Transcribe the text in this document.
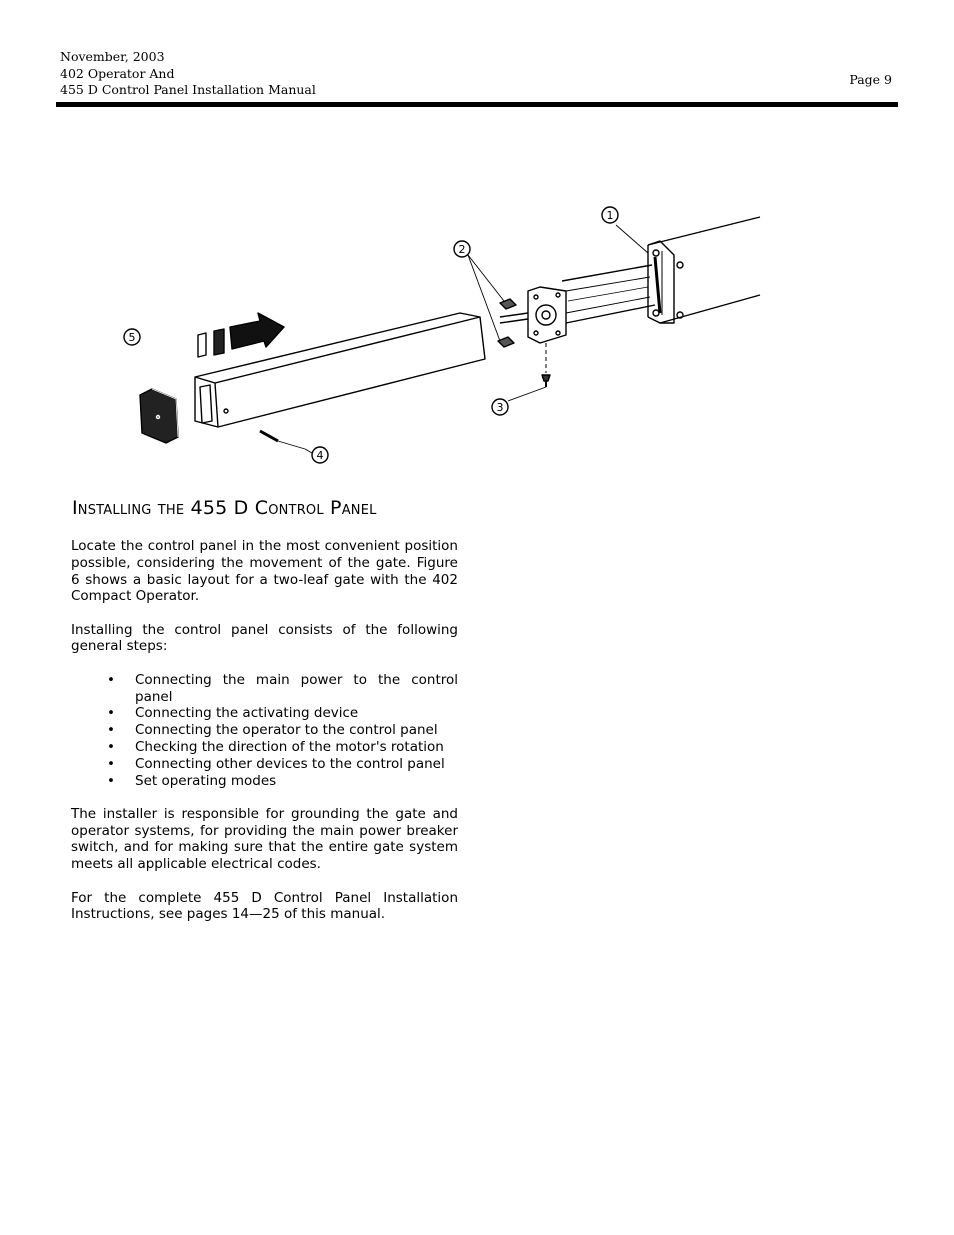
November, 2003
402 Operator And
455 D Control Panel Installation Manual
Page 9
1
2
3
4
5
Installing the 455 D Control Panel

Locate the control panel in the most convenient position possible, considering the movement of the gate. Figure 6 shows a basic layout for a two-leaf gate with the 402 Compact Operator.

Installing the control panel consists of the following general steps:

• Connecting the main power to the control panel
• Connecting the activating device
• Connecting the operator to the control panel
• Checking the direction of the motor's rotation
• Connecting other devices to the control panel
• Set operating modes

The installer is responsible for grounding the gate and operator systems, for providing the main power breaker switch, and for making sure that the entire gate system meets all applicable electrical codes.

For the complete 455 D Control Panel Installation Instructions, see pages 14—25 of this manual.
